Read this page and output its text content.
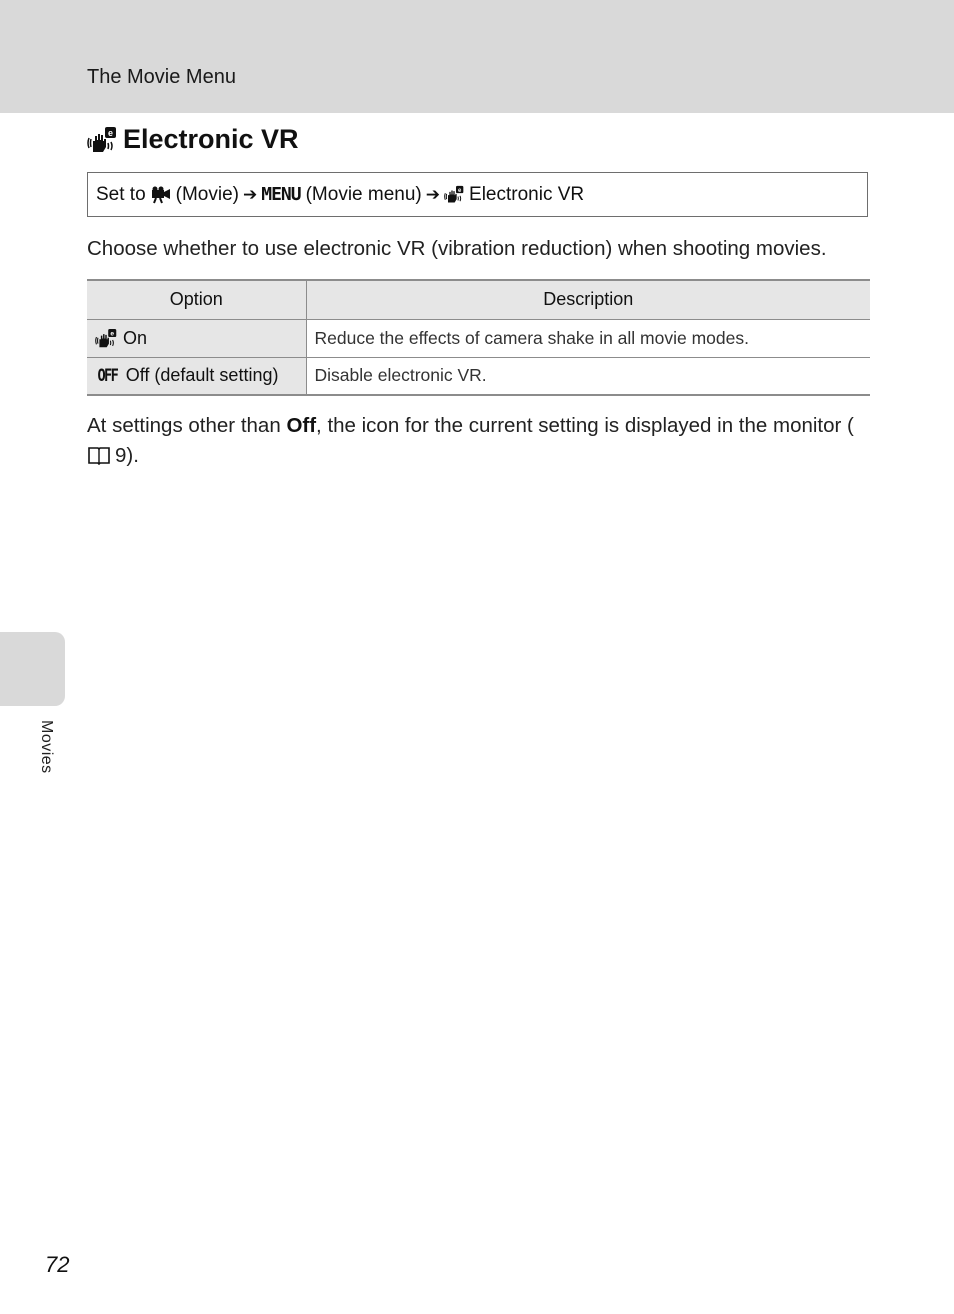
The Movie Menu
e Electronic VR
Set to (Movie) ➔ MENU (Movie menu) ➔ e Electronic VR
Choose whether to use electronic VR (vibration reduction) when shooting movies.
Option	Description

e On	Reduce the effects of camera shake in all movie modes.

OFF Off (default setting)	Disable electronic VR.
At settings other than Off, the icon for the current setting is displayed in the monitor (9).
Movies
72
